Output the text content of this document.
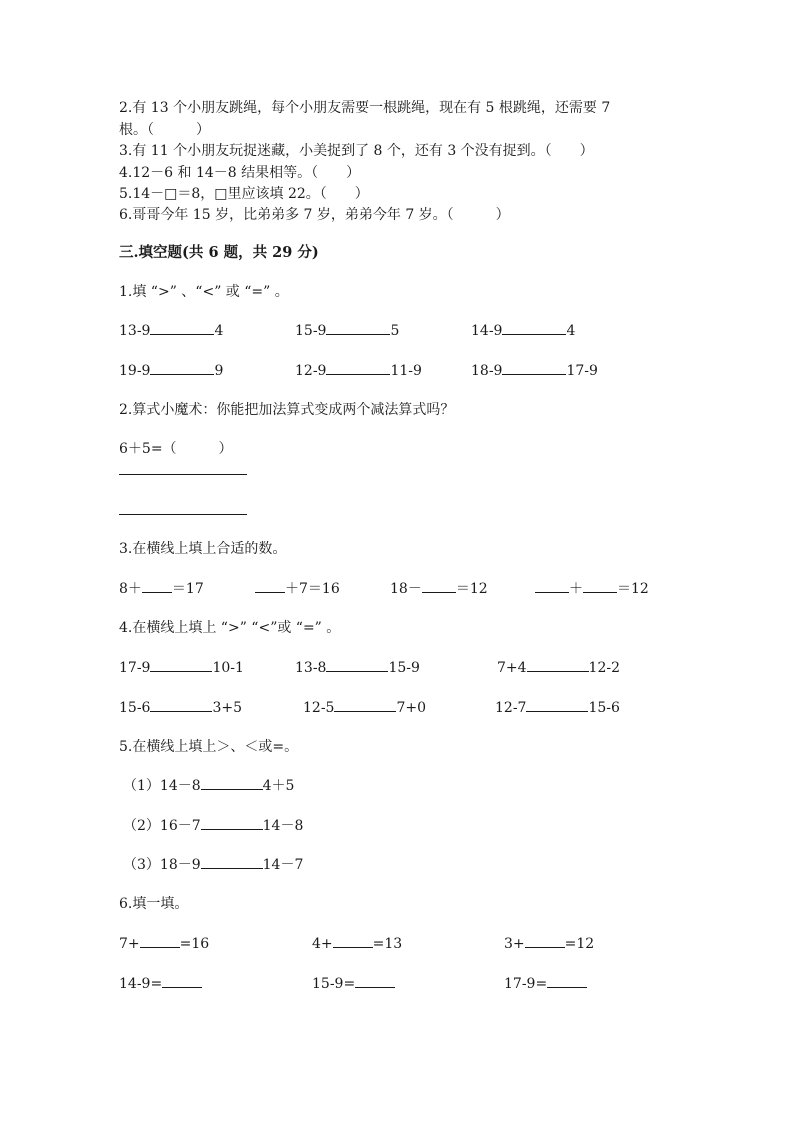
2.有 13 个小朋友跳绳，每个小朋友需要一根跳绳，现在有 5 根跳绳，还需要 7
根。（　　　）
3.有 11 个小朋友玩捉迷藏，小美捉到了 8 个，还有 3 个没有捉到。（　　）
4.12－6 和 14－8 结果相等。（　　）
5.14－□＝8，□里应该填 22。（　　）
6.哥哥今年 15 岁，比弟弟多 7 岁，弟弟今年 7 岁。（　　　）
三.填空题(共 6 题，共 29 分)
1.填 “>” 、“<” 或 “=” 。
13-9	4	15-9	5	14-9	4
19-9	9	12-9	11-9	18-9	17-9
2.算式小魔术：你能把加法算式变成两个减法算式吗？
6＋5=（　　　）
3.在横线上填上合适的数。
8＋ ＝17	＋7＝16	18－ ＝12	＋ ＝12
4.在横线上填上 “>” “<”或 “=” 。
17-9	10-1	13-8	15-9	7+4	12-2
15-6	3+5	12-5	7+0	12-7	15-6
5.在横线上填上＞、＜或=。
（1）14－8	4＋5
（2）16－7	14－8
（3）18－9	14－7
6.填一填。
7+	=16	4+	=13	3+	=12
14-9=	15-9=	17-9=
